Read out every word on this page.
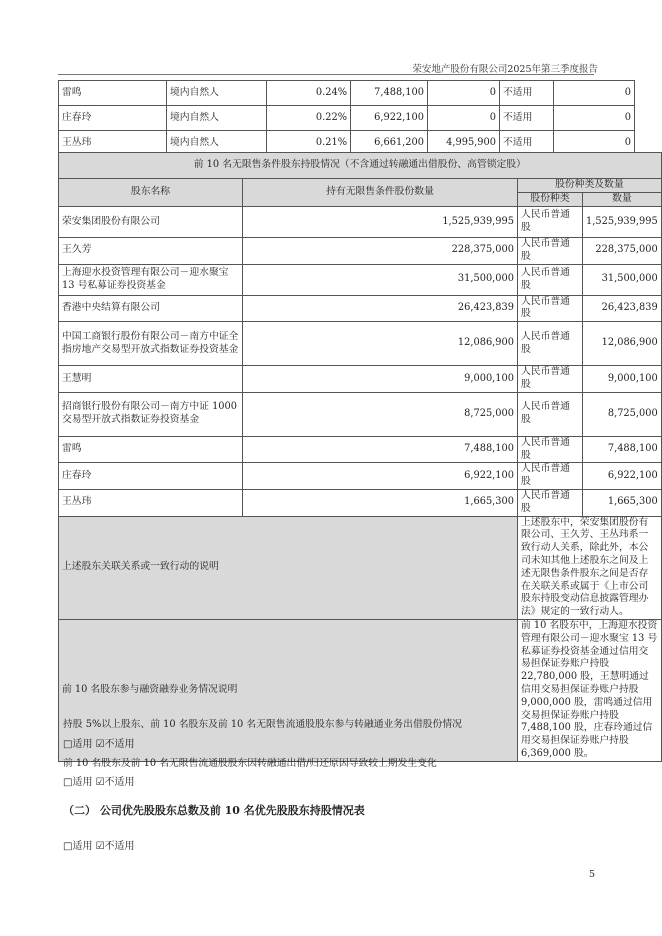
荣安地产股份有限公司2025年第三季度报告
雷鸣	境内自然人	0.24%	7,488,100	0	不适用	0
庄春玲	境内自然人	0.22%	6,922,100	0	不适用	0
王丛玮	境内自然人	0.21%	6,661,200	4,995,900	不适用	0
前 10 名无限售条件股东持股情况（不含通过转融通出借股份、高管锁定股）			
股东名称	持有无限售条件股份数量	股份种类及数量	
		股份种类	数量
荣安集团股份有限公司	1,525,939,995	人民币普通股	1,525,939,995
王久芳	228,375,000	人民币普通股	228,375,000
上海迎水投资管理有限公司－迎水聚宝 13 号私募证券投资基金	31,500,000	人民币普通股	31,500,000
香港中央结算有限公司	26,423,839	人民币普通股	26,423,839
中国工商银行股份有限公司－南方中证全指房地产交易型开放式指数证券投资基金	12,086,900	人民币普通股	12,086,900
王慧明	9,000,100	人民币普通股	9,000,100
招商银行股份有限公司－南方中证 1000 交易型开放式指数证券投资基金	8,725,000	人民币普通股	8,725,000
雷鸣	7,488,100	人民币普通股	7,488,100
庄春玲	6,922,100	人民币普通股	6,922,100
王丛玮	1,665,300	人民币普通股	1,665,300
上述股东关联关系或一致行动的说明		上述股东中，荣安集团股份有限公司、王久芳、王丛玮系一致行动人关系，除此外，本公司未知其他上述股东之间及上述无限售条件股东之间是否存在关联关系或属于《上市公司股东持股变动信息披露管理办法》规定的一致行动人。	
前 10 名股东参与融资融券业务情况说明		前 10 名股东中，上海迎水投资管理有限公司－迎水聚宝 13 号私募证券投资基金通过信用交易担保证券账户持股 22,780,000 股，王慧明通过信用交易担保证券账户持股 9,000,000 股，雷鸣通过信用交易担保证券账户持股 7,488,100 股，庄春玲通过信用交易担保证券账户持股 6,369,000 股。	
持股 5%以上股东、前 10 名股东及前 10 名无限售流通股股东参与转融通业务出借股份情况
□适用 ☑不适用
前 10 名股东及前 10 名无限售流通股股东因转融通出借/归还原因导致较上期发生变化
□适用 ☑不适用
（二） 公司优先股股东总数及前 10 名优先股股东持股情况表
□适用 ☑不适用
5
